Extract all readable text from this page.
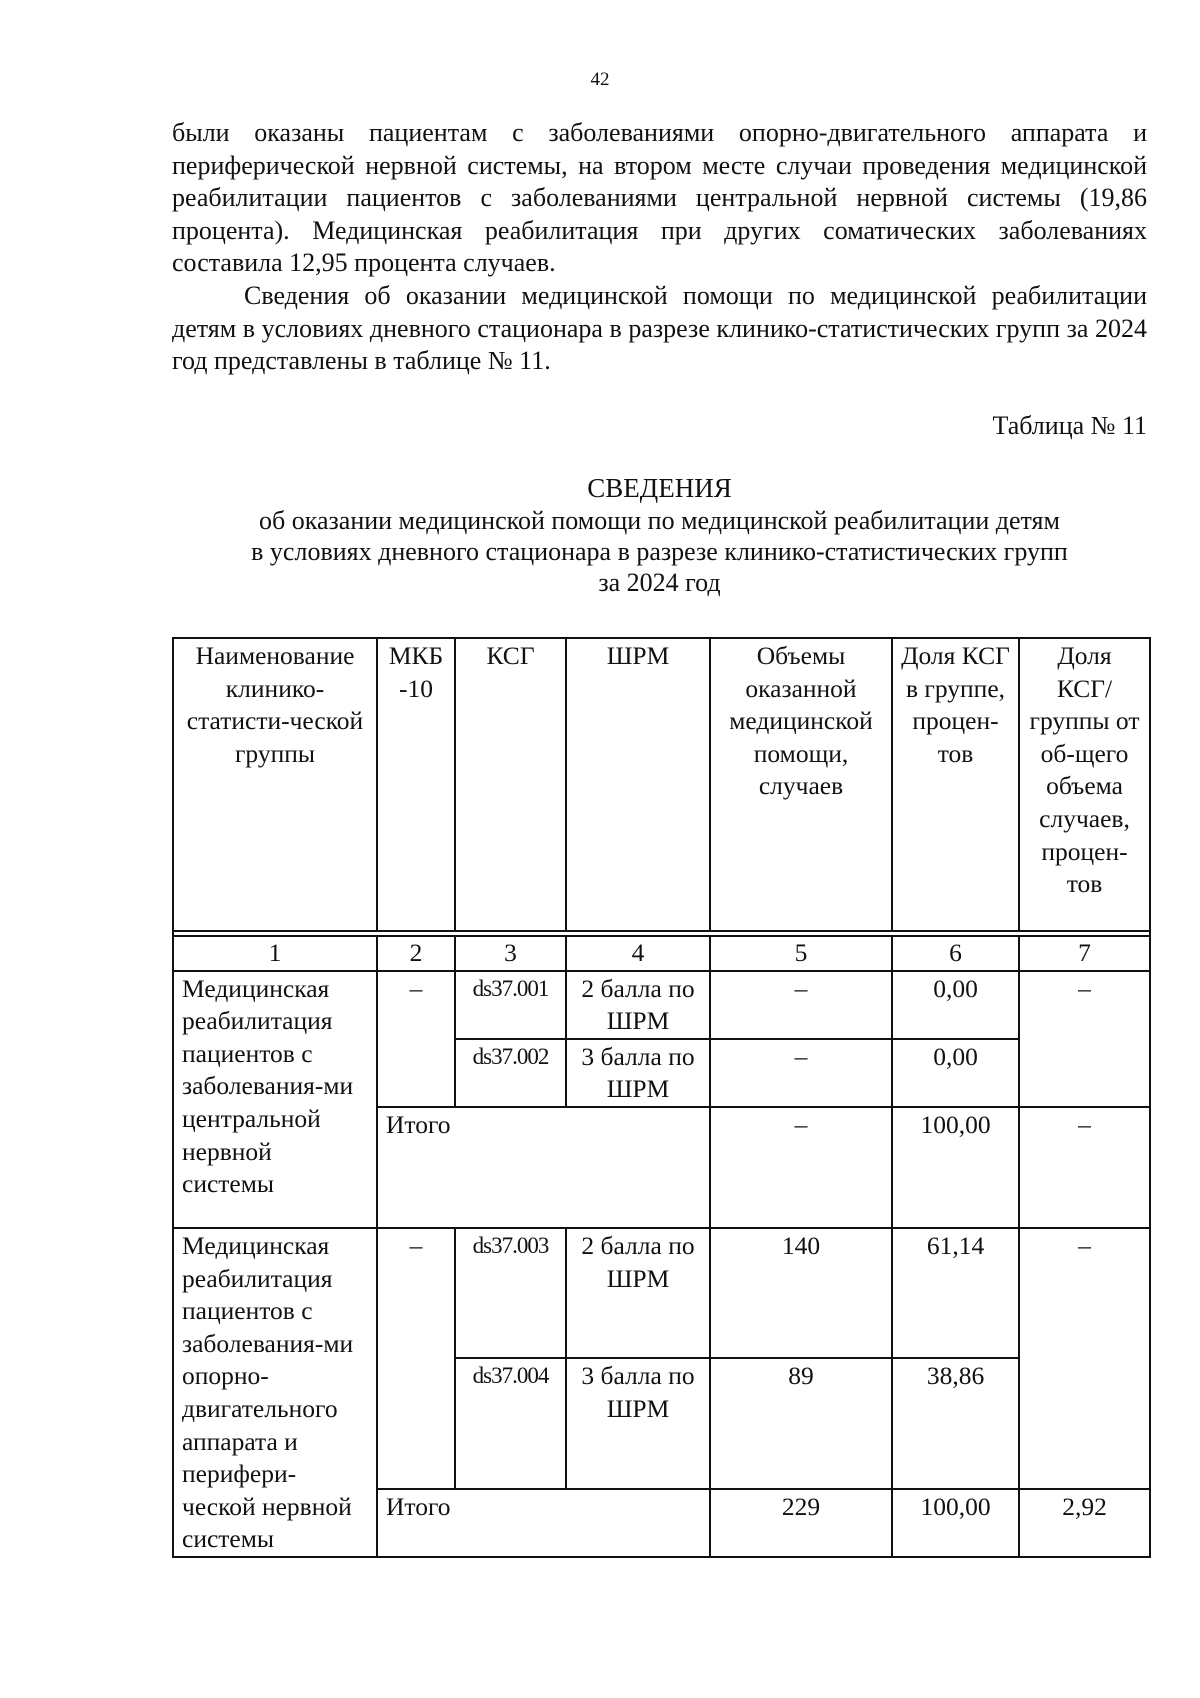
42

были оказаны пациентам с заболеваниями опорно-двигательного аппарата и периферической нервной системы, на втором месте случаи проведения медицинской реабилитации пациентов с заболеваниями центральной нервной системы (19,86 процента). Медицинская реабилитация при других соматических заболеваниях составила 12,95 процента случаев.

Сведения об оказании медицинской помощи по медицинской реабилитации детям в условиях дневного стационара в разрезе клинико-статистических групп за 2024 год представлены в таблице № 11.

Таблица № 11
СВЕДЕНИЯ
об оказании медицинской помощи по медицинской реабилитации детям
в условиях дневного стационара в разрезе клинико-статистических групп
за 2024 год
Наименование клинико-статисти-ческой группы	МКБ-10	КСГ	ШРМ	Объемы оказанной медицинской помощи, случаев	Доля КСГ в группе, процен-тов	Доля КСГ/ группы от об-щего объема случаев, процен-тов

1	2	3	4	5	6	7
Медицинская реабилитация пациентов с заболевания-ми центральной нервной системы	–	ds37.001	2 балла по ШРМ	–	0,00	–
		ds37.002	3 балла по ШРМ	–	0,00	
	Итого			–	100,00	–
Медицинская реабилитация пациентов с заболевания-ми опорно-двигательного аппарата и перифери-ческой нервной системы	–	ds37.003	2 балла по ШРМ	140	61,14	–
		ds37.004	3 балла по ШРМ	89	38,86	
	Итого			229	100,00	2,92
